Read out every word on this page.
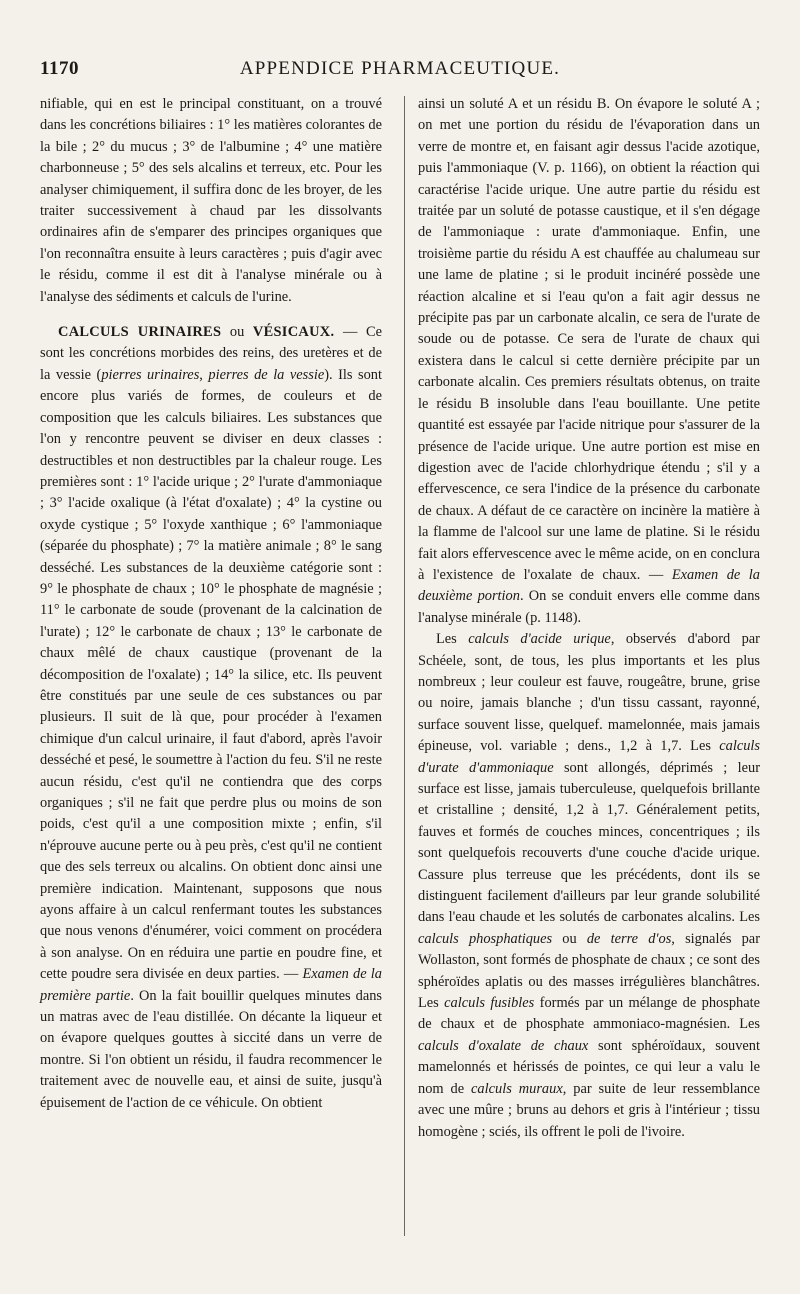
1170	APPENDICE PHARMACEUTIQUE.

nifiable, qui en est le principal constituant, on a trouvé dans les concrétions biliaires : 1° les matières colorantes de la bile ; 2° du mucus ; 3° de l'albumine ; 4° une matière charbonneuse ; 5° des sels alcalins et terreux, etc. Pour les analyser chimiquement, il suffira donc de les broyer, de les traiter successivement à chaud par les dissolvants ordinaires afin de s'emparer des principes organiques que l'on reconnaîtra ensuite à leurs caractères ; puis d'agir avec le résidu, comme il est dit à l'analyse minérale ou à l'analyse des sédiments et calculs de l'urine.

CALCULS URINAIRES ou VÉSICAUX. — Ce sont les concrétions morbides des reins, des uretères et de la vessie (pierres urinaires, pierres de la vessie). Ils sont encore plus variés de formes, de couleurs et de composition que les calculs biliaires. Les substances que l'on y rencontre peuvent se diviser en deux classes : destructibles et non destructibles par la chaleur rouge. Les premières sont : 1° l'acide urique ; 2° l'urate d'ammoniaque ; 3° l'acide oxalique (à l'état d'oxalate) ; 4° la cystine ou oxyde cystique ; 5° l'oxyde xanthique ; 6° l'ammoniaque (séparée du phosphate) ; 7° la matière animale ; 8° le sang desséché. Les substances de la deuxième catégorie sont : 9° le phosphate de chaux ; 10° le phosphate de magnésie ; 11° le carbonate de soude (provenant de la calcination de l'urate) ; 12° le carbonate de chaux ; 13° le carbonate de chaux mêlé de chaux caustique (provenant de la décomposition de l'oxalate) ; 14° la silice, etc. Ils peuvent être constitués par une seule de ces substances ou par plusieurs. Il suit de là que, pour procéder à l'examen chimique d'un calcul urinaire, il faut d'abord, après l'avoir desséché et pesé, le soumettre à l'action du feu. S'il ne reste aucun résidu, c'est qu'il ne contiendra que des corps organiques ; s'il ne fait que perdre plus ou moins de son poids, c'est qu'il a une composition mixte ; enfin, s'il n'éprouve aucune perte ou à peu près, c'est qu'il ne contient que des sels terreux ou alcalins. On obtient donc ainsi une première indication. Maintenant, supposons que nous ayons affaire à un calcul renfermant toutes les substances que nous venons d'énumérer, voici comment on procédera à son analyse. On en réduira une partie en poudre fine, et cette poudre sera divisée en deux parties. — Examen de la première partie. On la fait bouillir quelques minutes dans un matras avec de l'eau distillée. On décante la liqueur et on évapore quelques gouttes à siccité dans un verre de montre. Si l'on obtient un résidu, il faudra recommencer le traitement avec de nouvelle eau, et ainsi de suite, jusqu'à épuisement de l'action de ce véhicule. On obtient

ainsi un soluté A et un résidu B. On évapore le soluté A ; on met une portion du résidu de l'évaporation dans un verre de montre et, en faisant agir dessus l'acide azotique, puis l'ammoniaque (V. p. 1166), on obtient la réaction qui caractérise l'acide urique. Une autre partie du résidu est traitée par un soluté de potasse caustique, et il s'en dégage de l'ammoniaque : urate d'ammoniaque. Enfin, une troisième partie du résidu A est chauffée au chalumeau sur une lame de platine ; si le produit incinéré possède une réaction alcaline et si l'eau qu'on a fait agir dessus ne précipite pas par un carbonate alcalin, ce sera de l'urate de soude ou de potasse. Ce sera de l'urate de chaux qui existera dans le calcul si cette dernière précipite par un carbonate alcalin. Ces premiers résultats obtenus, on traite le résidu B insoluble dans l'eau bouillante. Une petite quantité est essayée par l'acide nitrique pour s'assurer de la présence de l'acide urique. Une autre portion est mise en digestion avec de l'acide chlorhydrique étendu ; s'il y a effervescence, ce sera l'indice de la présence du carbonate de chaux. A défaut de ce caractère on incinère la matière à la flamme de l'alcool sur une lame de platine. Si le résidu fait alors effervescence avec le même acide, on en conclura à l'existence de l'oxalate de chaux. — Examen de la deuxième portion. On se conduit envers elle comme dans l'analyse minérale (p. 1148).

Les calculs d'acide urique, observés d'abord par Schéele, sont, de tous, les plus importants et les plus nombreux ; leur couleur est fauve, rougeâtre, brune, grise ou noire, jamais blanche ; d'un tissu cassant, rayonné, surface souvent lisse, quelquef. mamelonnée, mais jamais épineuse, vol. variable ; dens., 1,2 à 1,7. Les calculs d'urate d'ammoniaque sont allongés, déprimés ; leur surface est lisse, jamais tuberculeuse, quelquefois brillante et cristalline ; densité, 1,2 à 1,7. Généralement petits, fauves et formés de couches minces, concentriques ; ils sont quelquefois recouverts d'une couche d'acide urique. Cassure plus terreuse que les précédents, dont ils se distinguent facilement d'ailleurs par leur grande solubilité dans l'eau chaude et les solutés de carbonates alcalins. Les calculs phosphatiques ou de terre d'os, signalés par Wollaston, sont formés de phosphate de chaux ; ce sont des sphéroïdes aplatis ou des masses irrégulières blanchâtres. Les calculs fusibles formés par un mélange de phosphate de chaux et de phosphate ammoniaco-magnésien. Les calculs d'oxalate de chaux sont sphéroïdaux, souvent mamelonnés et hérissés de pointes, ce qui leur a valu le nom de calculs muraux, par suite de leur ressemblance avec une mûre ; bruns au dehors et gris à l'intérieur ; tissu homogène ; sciés, ils offrent le poli de l'ivoire.
